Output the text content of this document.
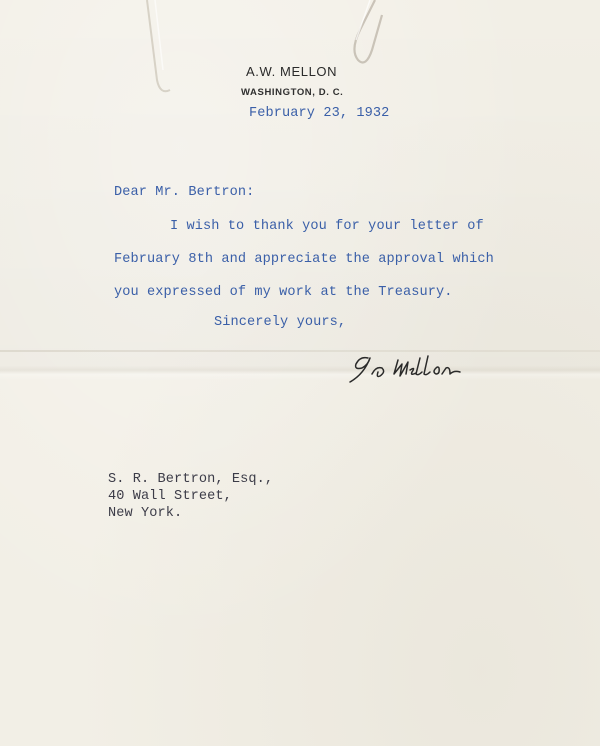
A.W. MELLON
WASHINGTON, D. C.
February 23, 1932
Dear Mr. Bertron:
I wish to thank you for your letter of
February 8th and appreciate the approval which
you expressed of my work at the Treasury.
Sincerely yours,
S. R. Bertron, Esq.,
40 Wall Street,
New York.
